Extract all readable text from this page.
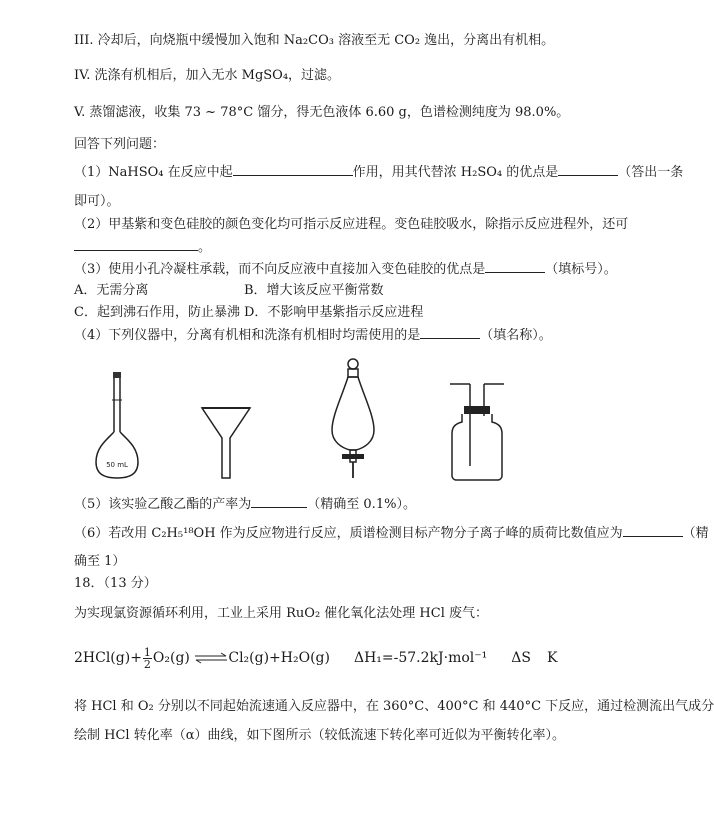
III. 冷却后，向烧瓶中缓慢加入饱和 Na₂CO₃ 溶液至无 CO₂ 逸出，分离出有机相。
IV. 洗涤有机相后，加入无水 MgSO₄，过滤。
V. 蒸馏滤液，收集 73 ~ 78°C 馏分，得无色液体 6.60 g，色谱检测纯度为 98.0%。
回答下列问题：
（1）NaHSO₄ 在反应中起	作用，用其代替浓 H₂SO₄ 的优点是	（答出一条
即可）。
（2）甲基紫和变色硅胶的颜色变化均可指示反应进程。变色硅胶吸水，除指示反应进程外，还可
。
（3）使用小孔冷凝柱承载，而不向反应液中直接加入变色硅胶的优点是	（填标号）。
A．无需分离	B．增大该反应平衡常数
C．起到沸石作用，防止暴沸 D．不影响甲基紫指示反应进程
（4）下列仪器中，分离有机相和洗涤有机相时均需使用的是	（填名称）。
50 mL
（5）该实验乙酸乙酯的产率为	（精确至 0.1%）。
（6）若改用 C₂H₅¹⁸OH 作为反应物进行反应，质谱检测目标产物分子离子峰的质荷比数值应为	（精
确至 1）
18．（13 分）
为实现氯资源循环利用，工业上采用 RuO₂ 催化氧化法处理 HCl 废气：
$2HCl(g)+ \frac{1}{2} O_2(g)$ ⇌Cl₂(g)+H₂O(g) ΔH₁=-57.2kJ·mol⁻¹ ΔS K
将 HCl 和 O₂ 分别以不同起始流速通入反应器中，在 360°C、400°C 和 440°C 下反应，通过检测流出气成分
绘制 HCl 转化率（α）曲线，如下图所示（较低流速下转化率可近似为平衡转化率）。
